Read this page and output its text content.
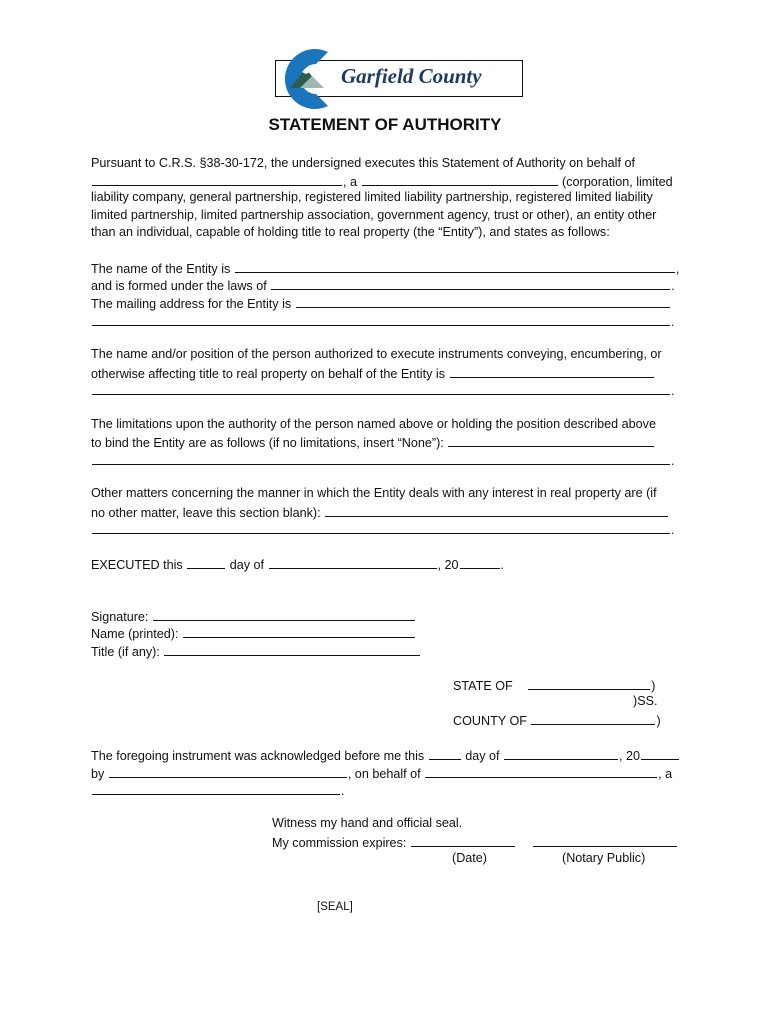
Garfield County
STATEMENT OF AUTHORITY
Pursuant to C.R.S. §38-30-172, the undersigned executes this Statement of Authority on behalf of
, a	(corporation, limited
liability company, general partnership, registered limited liability partnership, registered limited liability
limited partnership, limited partnership association, government agency, trust or other), an entity other
than an individual, capable of holding title to real property (the “Entity”), and states as follows:
The name of the Entity is	,
and is formed under the laws of	.
The mailing address for the Entity is
.
The name and/or position of the person authorized to execute instruments conveying, encumbering, or
otherwise affecting title to real property on behalf of the Entity is
.
The limitations upon the authority of the person named above or holding the position described above
to bind the Entity are as follows (if no limitations, insert “None”):
.
Other matters concerning the manner in which the Entity deals with any interest in real property are (if
no other matter, leave this section blank):
.
EXECUTED this	day of	, 20	.
Signature:
Name (printed):
Title (if any):
STATE OF	)
)SS.
COUNTY OF	)
The foregoing instrument was acknowledged before me this	day of	, 20
by	, on behalf of	, a
.
Witness my hand and official seal.
My commission expires:
(Date)	(Notary Public)
[SEAL]
